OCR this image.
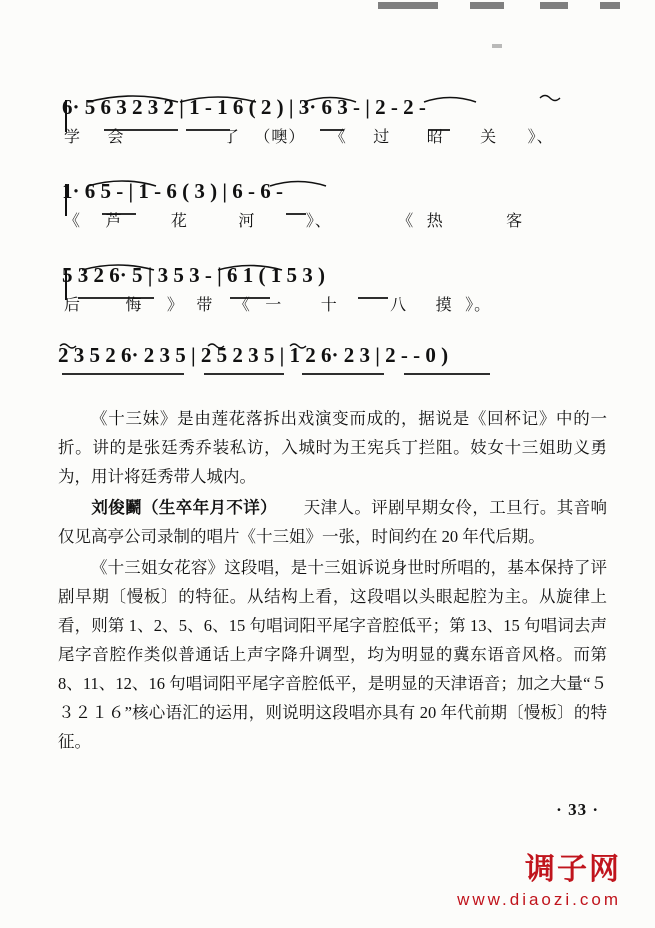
6· 5 6 3 2 3 2 | 1 - 1 6 ( 2 ) | 3· 6 3 - | 2 - 2 -
学 会	了 （噢） 《 过 昭 关 》、
1· 6 5 - | 1 - 6 ( 3 ) | 6 - 6 -
《 芦	花	河	》、	《 热	客
5 3 2 6· 5 | 3 5 3 - | 6 1 ( 1 5 3 )
后	悔 》 带 《 一 十	八 摸 》。
2 3 5 2 6· 2 3 5 | 2 5 2 3 5 | 1 2 6· 2 3 | 2 - - 0 )

《十三妹》是由莲花落拆出戏演变而成的，据说是《回杯记》中的一折。讲的是张廷秀乔装私访，入城时为王宪兵丁拦阻。妓女十三姐助义勇为，用计将廷秀带人城内。

刘俊鬬（生卒年月不详） 天津人。评剧早期女伶，工旦行。其音响仅见高亭公司录制的唱片《十三姐》一张，时间约在 20 年代后期。

《十三姐女花容》这段唱，是十三姐诉说身世时所唱的，基本保持了评剧早期〔慢板〕的特征。从结构上看，这段唱以头眼起腔为主。从旋律上看，则第 1、2、5、6、15 句唱词阳平尾字音腔低平；第 13、15 句唱词去声尾字音腔作类似普通话上声字降升调型，均为明显的冀东语音风格。而第 8、11、12、16 句唱词阳平尾字音腔低平，是明显的天津语音；加之大量“５３２１６”核心语汇的运用，则说明这段唱亦具有 20 年代前期〔慢板〕的特征。

· 33 ·
调子网
www.diaozi.com
